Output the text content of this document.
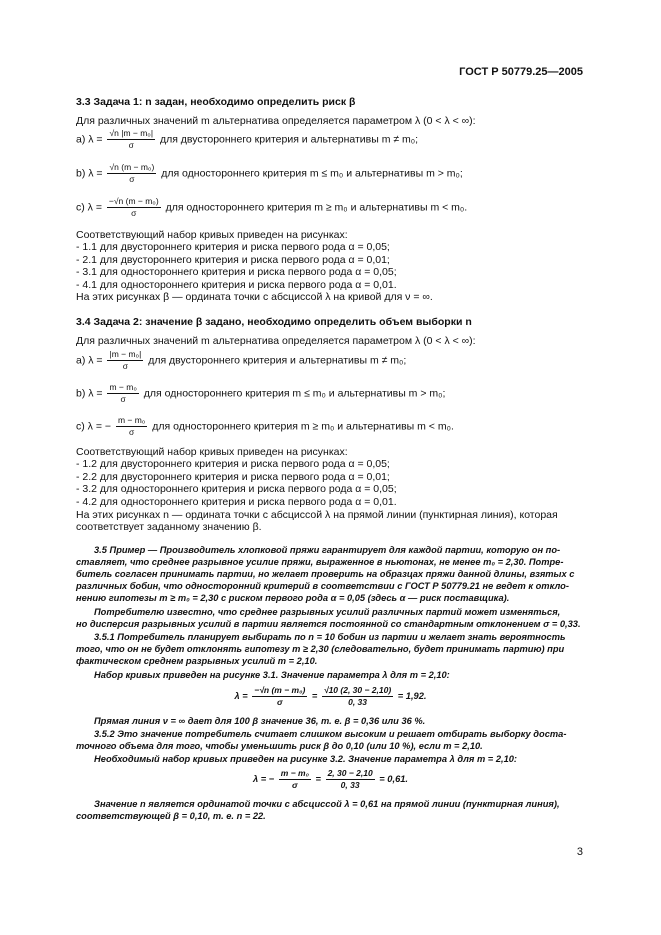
ГОСТ Р 50779.25—2005
3.3 Задача 1: n задан, необходимо определить риск β
Для различных значений m альтернатива определяется параметром λ (0 < λ < ∞):
a) $\lambda = \frac{\text{√n |m − m₀|}}{\sigma}$ для двустороннего критерия и альтернативы m ≠ m₀;
b) $\lambda = \frac{\text{√n (m − m₀)}}{\sigma}$ для одностороннего критерия m ≤ m₀ и альтернативы m > m₀;
c) $\lambda = \frac{\text{−√n (m − m₀)}}{\sigma}$ для одностороннего критерия m ≥ m₀ и альтернативы m < m₀.
Соответствующий набор кривых приведен на рисунках:
- 1.1 для двустороннего критерия и риска первого рода α = 0,05;
- 2.1 для двустороннего критерия и риска первого рода α = 0,01;
- 3.1 для одностороннего критерия и риска первого рода α = 0,05;
- 4.1 для одностороннего критерия и риска первого рода α = 0,01.
На этих рисунках β — ордината точки с абсциссой λ на кривой для ν = ∞.
3.4 Задача 2: значение β задано, необходимо определить объем выборки n
Для различных значений m альтернатива определяется параметром λ (0 < λ < ∞):
a) $\lambda = \frac{\text{|m − m₀|}}{\sigma}$ для двустороннего критерия и альтернативы m ≠ m₀;
b) $\lambda = \frac{\text{m − m₀}}{\sigma}$ для одностороннего критерия m ≤ m₀ и альтернативы m > m₀;
c) λ = − $\frac{\text{m − m₀}}{\sigma}$ для одностороннего критерия m ≥ m₀ и альтернативы m < m₀.
Соответствующий набор кривых приведен на рисунках:
- 1.2 для двустороннего критерия и риска первого рода α = 0,05;
- 2.2 для двустороннего критерия и риска первого рода α = 0,01;
- 3.2 для одностороннего критерия и риска первого рода α = 0,05;
- 4.2 для одностороннего критерия и риска первого рода α = 0,01.
На этих рисунках n — ордината точки с абсциссой λ на прямой линии (пунктирная линия), которая
соответствует заданному значению β.
3.5 Пример — Производитель хлопковой пряжи гарантирует для каждой партии, которую он по-
ставляет, что среднее разрывное усилие пряжи, выраженное в ньютонах, не менее m₀ = 2,30. Потре-
битель согласен принимать партии, но желает проверить на образцах пряжи данной длины, взятых с
различных бобин, что односторонний критерий в соответствии с ГОСТ Р 50779.21 не ведет к откло-
нению гипотезы m ≥ m₀ = 2,30 с риском первого рода α = 0,05 (здесь α — риск поставщика).
Потребителю известно, что среднее разрывных усилий различных партий может изменяться,
но дисперсия разрывных усилий в партии является постоянной со стандартным отклонением σ = 0,33.
3.5.1 Потребитель планирует выбирать по n = 10 бобин из партии и желает знать вероятность
того, что он не будет отклонять гипотезу m ≥ 2,30 (следовательно, будет принимать партию) при
фактическом среднем разрывных усилий m = 2,10.
Набор кривых приведен на рисунке 3.1. Значение параметра λ для m = 2,10:
$\lambda = \frac{\text{−√n (m − m₀)}}{\sigma} = \frac{√10 (2, 30 - 2,10)}{0, 33} = 1,92$.
Прямая линия ν = ∞ дает для 100 β значение 36, т. е. β = 0,36 или 36 %.
3.5.2 Это значение потребитель считает слишком высоким и решает отбирать выборку доста-
точного объема для того, чтобы уменьшить риск β до 0,10 (или 10 %), если m = 2,10.
Необходимый набор кривых приведен на рисунке 3.2. Значение параметра λ для m = 2,10:
λ = − $\frac{\text{m − m₀}}{\sigma} = \frac{2, 30 - 2,10}{0, 33} = 0,61$.
Значение n является ординатой точки с абсциссой λ = 0,61 на прямой линии (пунктирная линия),
соответствующей β = 0,10, т. е. n = 22.
3
